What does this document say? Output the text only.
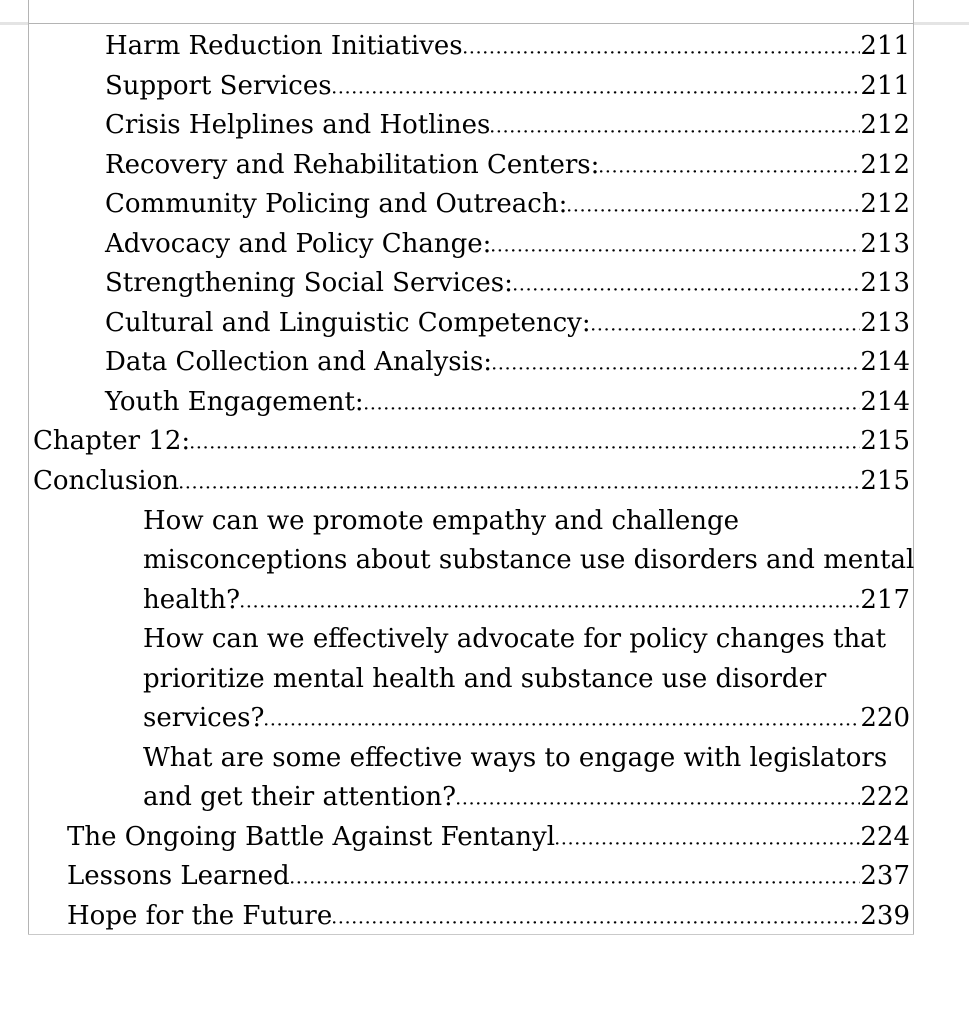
Harm Reduction Initiatives	211
Support Services	211
Crisis Helplines and Hotlines	212
Recovery and Rehabilitation Centers:	212
Community Policing and Outreach:	212
Advocacy and Policy Change:	213
Strengthening Social Services:	213
Cultural and Linguistic Competency:	213
Data Collection and Analysis:	214
Youth Engagement:	214
Chapter 12:	215
Conclusion	215
How can we promote empathy and challenge
misconceptions about substance use disorders and mental
health?	217
How can we effectively advocate for policy changes that
prioritize mental health and substance use disorder
services?	220
What are some effective ways to engage with legislators
and get their attention?	222
The Ongoing Battle Against Fentanyl	224
Lessons Learned	237
Hope for the Future	239
